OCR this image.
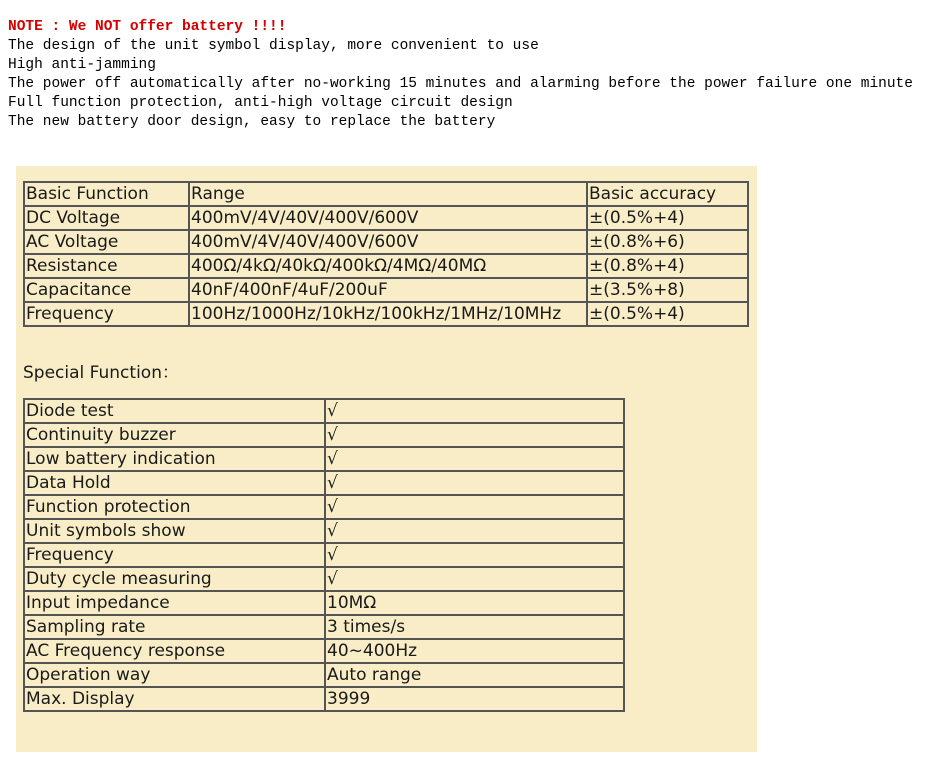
NOTE : We NOT offer battery !!!!
The design of the unit symbol display, more convenient to use
High anti-jamming
The power off automatically after no-working 15 minutes and alarming before the power failure one minute
Full function protection, anti-high voltage circuit design
The new battery door design, easy to replace the battery
Basic Function	Range	Basic accuracy
DC Voltage	400mV/4V/40V/400V/600V	±(0.5%+4)
AC Voltage	400mV/4V/40V/400V/600V	±(0.8%+6)
Resistance	400Ω/4kΩ/40kΩ/400kΩ/4MΩ/40MΩ	±(0.8%+4)
Capacitance	40nF/400nF/4uF/200uF	±(3.5%+8)
Frequency	100Hz/1000Hz/10kHz/100kHz/1MHz/10MHz	±(0.5%+4)
Special Function：
Diode test	√
Continuity buzzer	√
Low battery indication	√
Data Hold	√
Function protection	√
Unit symbols show	√
Frequency	√
Duty cycle measuring	√
Input impedance	10MΩ
Sampling rate	3 times/s
AC Frequency response	40~400Hz
Operation way	Auto range
Max. Display	3999
